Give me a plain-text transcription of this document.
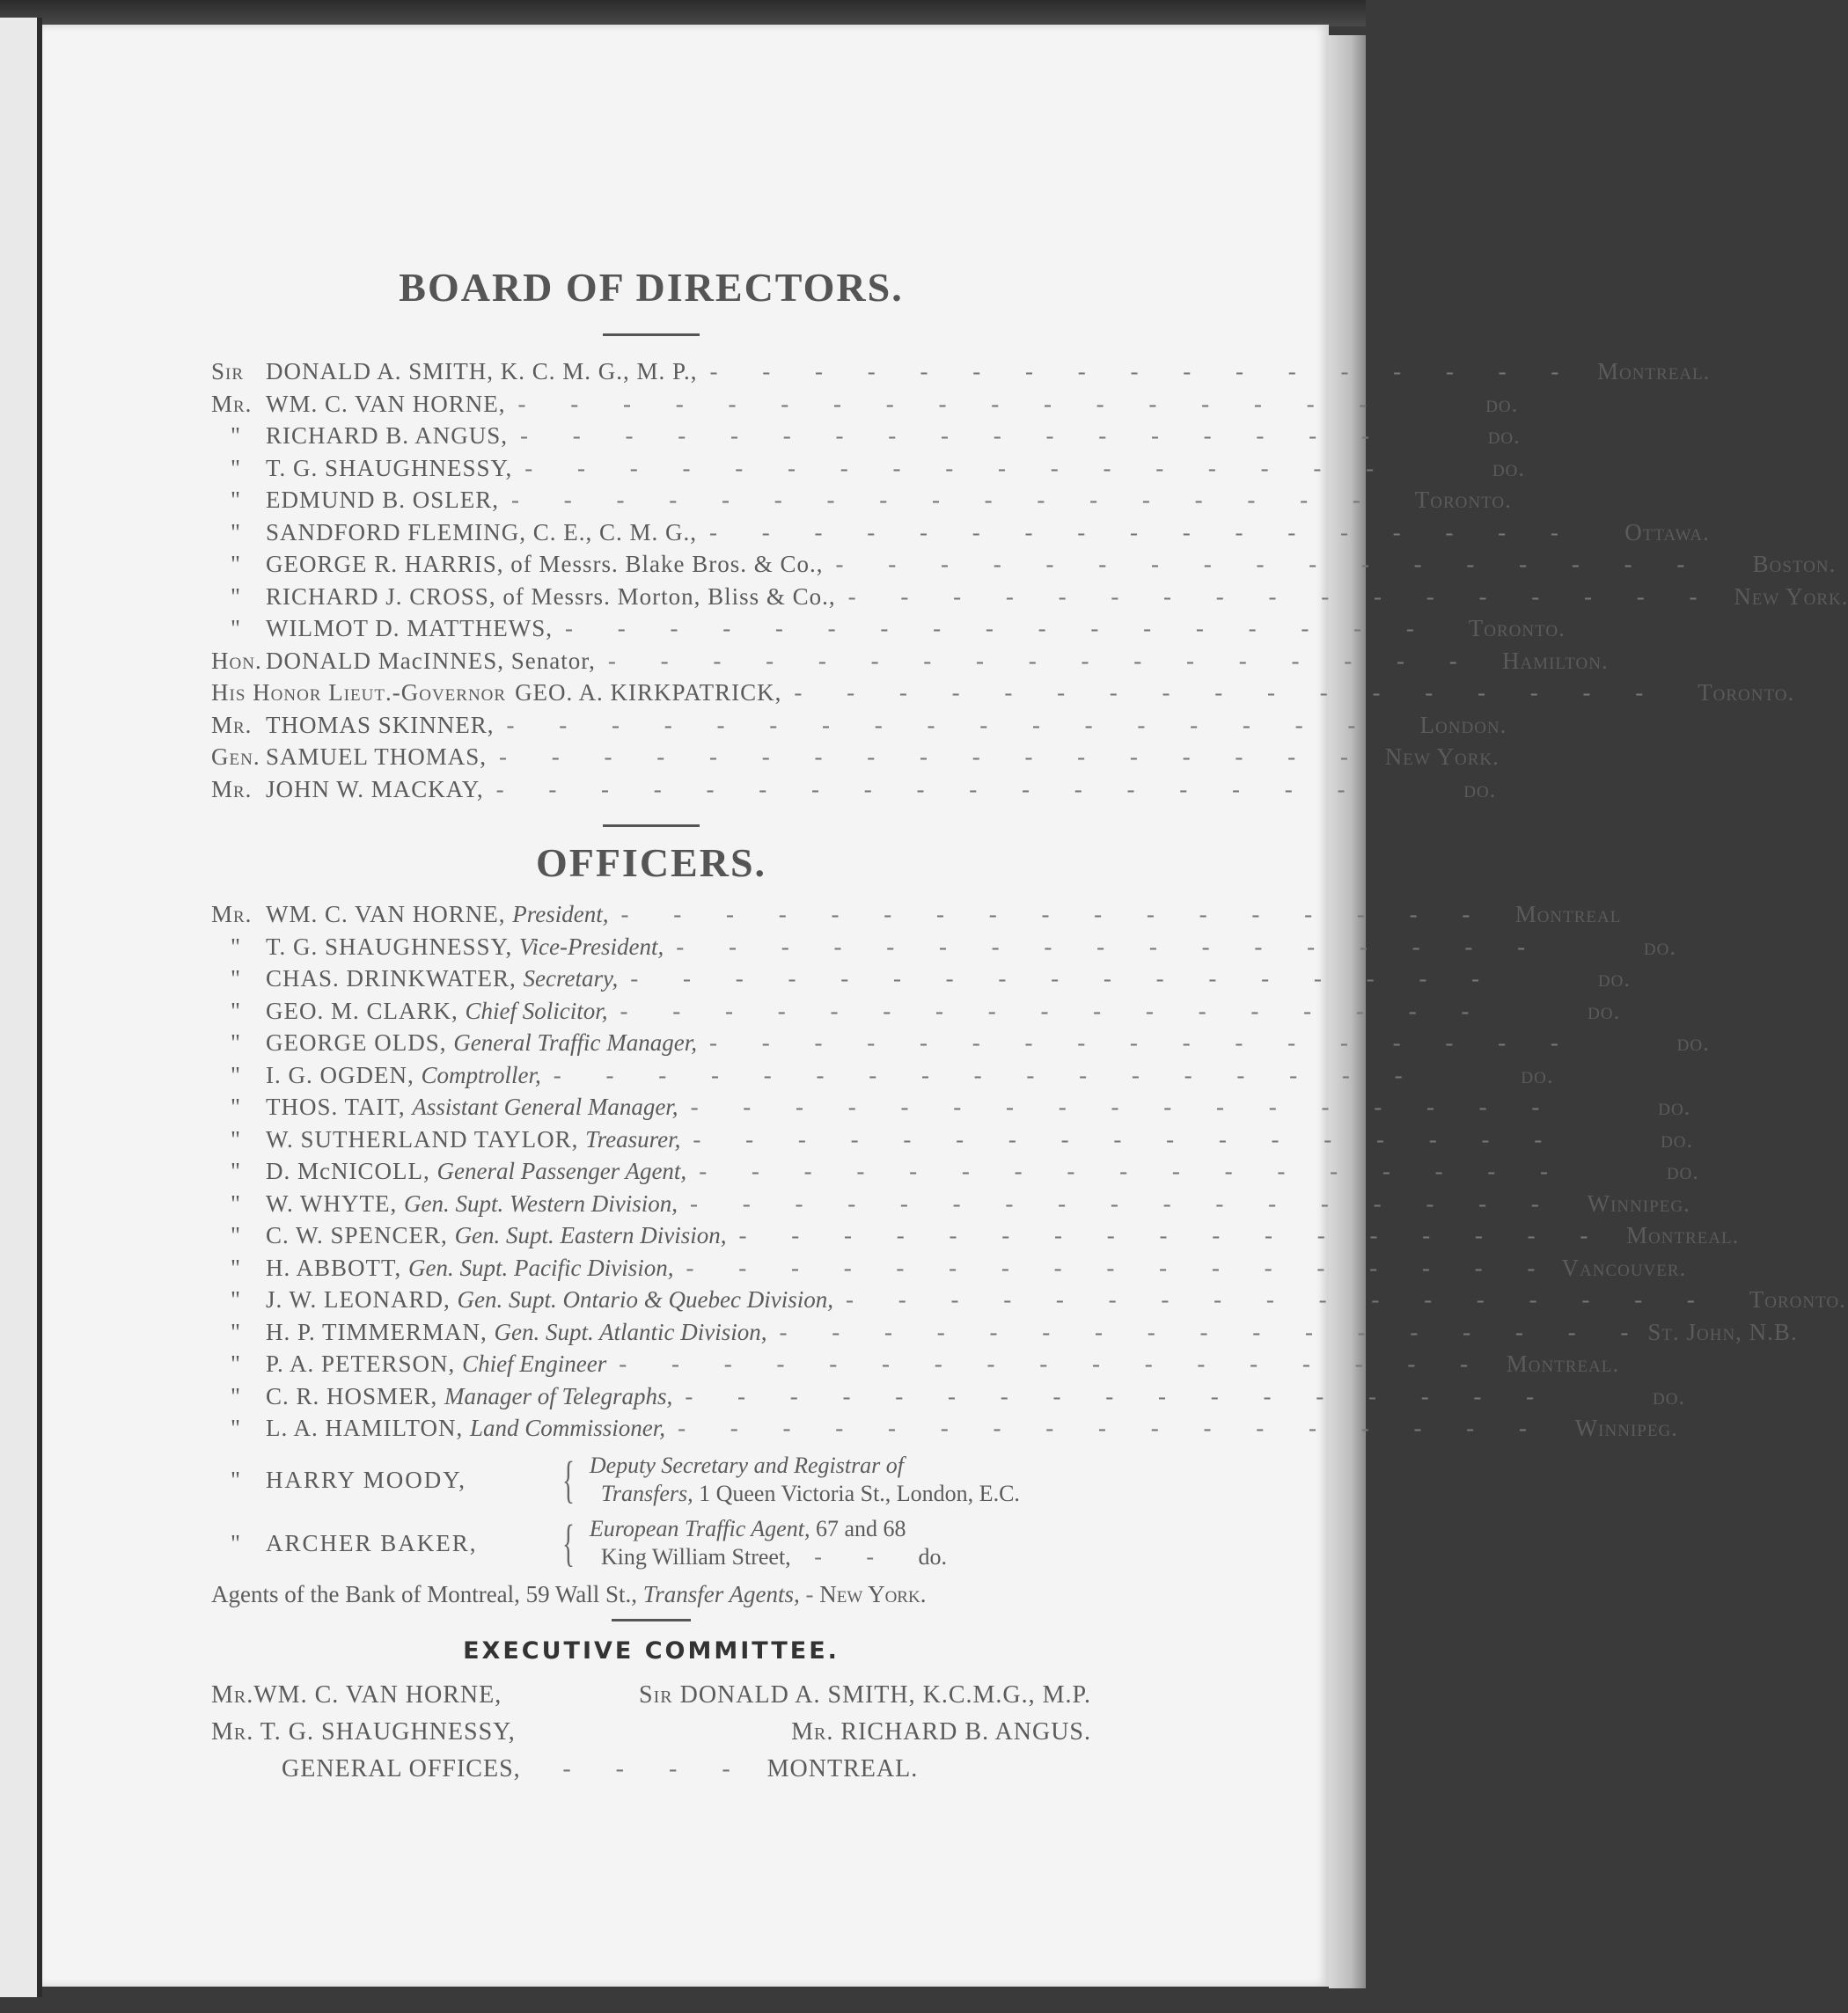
BOARD OF DIRECTORS.
Sir DONALD A. SMITH, K. C. M. G., M. P., - - - - - - - - - - - - - - - - - Montreal.
Mr. WM. C. VAN HORNE, - - - - - - - - - - - - - - - - -	do.
"	RICHARD B. ANGUS, - - - - - - - - - - - - - - - - -	do.
"	T. G. SHAUGHNESSY, - - - - - - - - - - - - - - - - -	do.
"	EDMUND B. OSLER, - - - - - - - - - - - - - - - - -	Toronto.
"	SANDFORD FLEMING, C. E., C. M. G., - - - - - - - - - - - - - - - - -	Ottawa.
"	GEORGE R. HARRIS, of Messrs. Blake Bros. & Co., - - - - - - - - - - - - - - - - -	Boston.
"	RICHARD J. CROSS, of Messrs. Morton, Bliss & Co., - - - - - - - - - - - - - - - - - New York.
"	WILMOT D. MATTHEWS, - - - - - - - - - - - - - - - - -	Toronto.
Hon. DONALD MacINNES, Senator, - - - - - - - - - - - - - - - - -	Hamilton.
His Honor Lieut.-Governor GEO. A. KIRKPATRICK, - - - - - - - - - - - - - - - - -	Toronto.
Mr. THOMAS SKINNER, - - - - - - - - - - - - - - - - -	London.
Gen. SAMUEL THOMAS, - - - - - - - - - - - - - - - - - New York.
Mr. JOHN W. MACKAY, - - - - - - - - - - - - - - - - -	do.
OFFICERS.
Mr. WM. C. VAN HORNE, President, - - - - - - - - - - - - - - - - -	Montreal
"	T. G. SHAUGHNESSY, Vice-President, - - - - - - - - - - - - - - - - -	do.
"	CHAS. DRINKWATER, Secretary, - - - - - - - - - - - - - - - - -	do.
"	GEO. M. CLARK, Chief Solicitor, - - - - - - - - - - - - - - - - -	do.
"	GEORGE OLDS, General Traffic Manager, - - - - - - - - - - - - - - - - -	do.
"	I. G. OGDEN, Comptroller, - - - - - - - - - - - - - - - - -	do.
"	THOS. TAIT, Assistant General Manager, - - - - - - - - - - - - - - - - -	do.
"	W. SUTHERLAND TAYLOR, Treasurer, - - - - - - - - - - - - - - - - -	do.
"	D. McNICOLL, General Passenger Agent, - - - - - - - - - - - - - - - - -	do.
"	W. WHYTE, Gen. Supt. Western Division, - - - - - - - - - - - - - - - - -	Winnipeg.
"	C. W. SPENCER, Gen. Supt. Eastern Division, - - - - - - - - - - - - - - - - - Montreal.
"	H. ABBOTT, Gen. Supt. Pacific Division, - - - - - - - - - - - - - - - - - Vancouver.
"	J. W. LEONARD, Gen. Supt. Ontario & Quebec Division, - - - - - - - - - - - - - - - - -	Toronto.
"	H. P. TIMMERMAN, Gen. Supt. Atlantic Division, - - - - - - - - - - - - - - - - - St. John, N.B.
"	P. A. PETERSON, Chief Engineer - - - - - - - - - - - - - - - - - Montreal.
"	C. R. HOSMER, Manager of Telegraphs, - - - - - - - - - - - - - - - - -	do.
"	L. A. HAMILTON, Land Commissioner, - - - - - - - - - - - - - - - - -	Winnipeg.
"	HARRY MOODY,	{ Deputy Secretary and Registrar of
Transfers, 1 Queen Victoria St., London, E.C.
"	ARCHER BAKER,	{ European Traffic Agent, 67 and 68
King William Street, - - do.
Agents of the Bank of Montreal, 59 Wall St., Transfer Agents, - New York.
EXECUTIVE COMMITTEE.
Mr.WM. C. VAN HORNE,	Sir DONALD A. SMITH, K.C.M.G., M.P.
Mr. T. G. SHAUGHNESSY,	Mr. RICHARD B. ANGUS.
GENERAL OFFICES,	- - - - MONTREAL.
